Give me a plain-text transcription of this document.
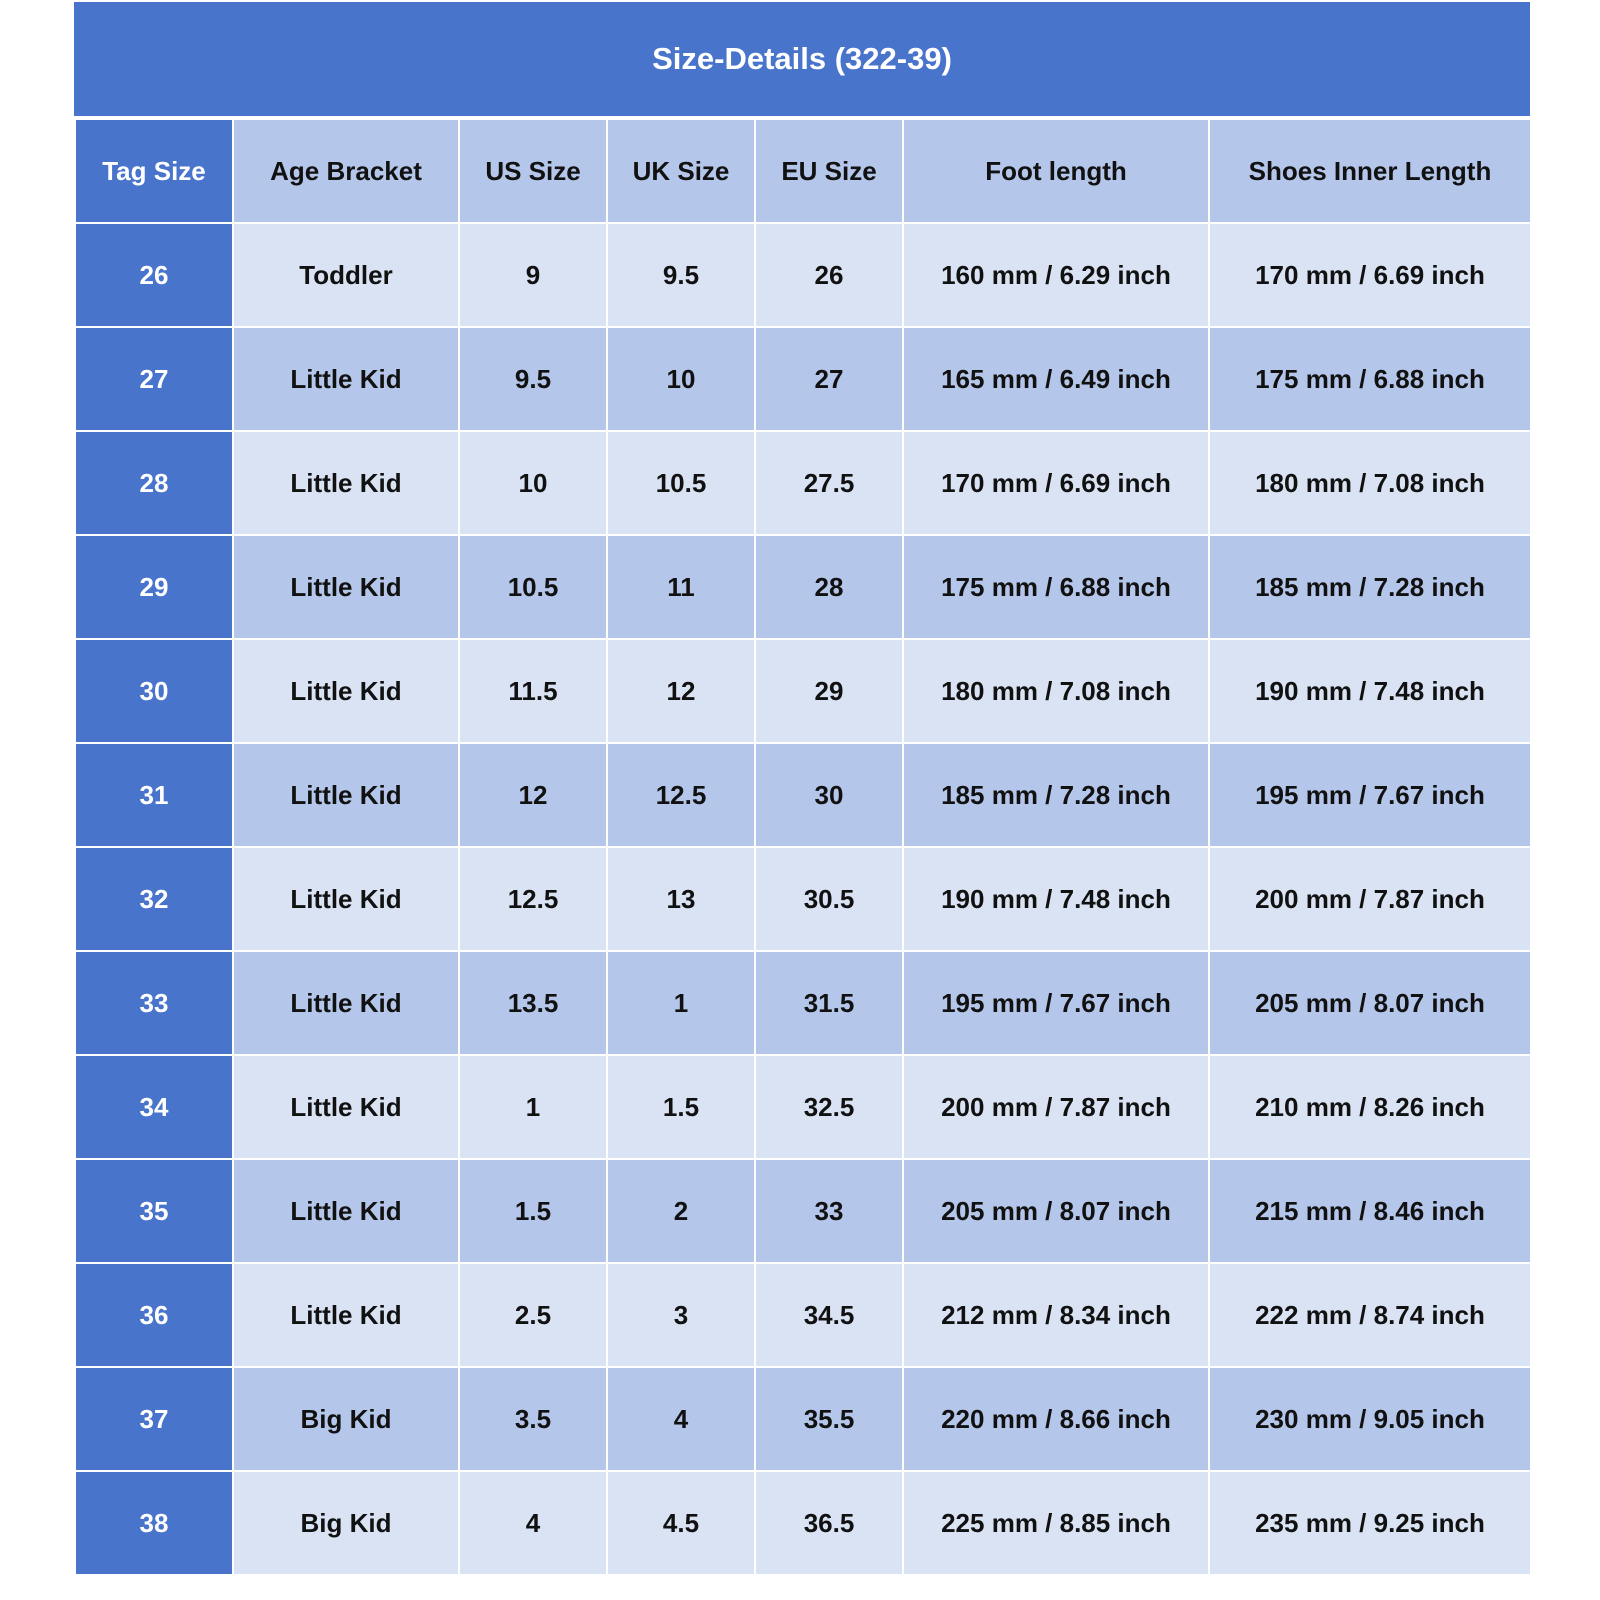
Size-Details (322-39)
Tag Size	Age Bracket	US Size	UK Size	EU Size	Foot length	Shoes Inner Length
26	Toddler	9	9.5	26	160 mm / 6.29 inch	170 mm / 6.69 inch
27	Little Kid	9.5	10	27	165 mm / 6.49 inch	175 mm / 6.88 inch
28	Little Kid	10	10.5	27.5	170 mm / 6.69 inch	180 mm / 7.08 inch
29	Little Kid	10.5	11	28	175 mm / 6.88 inch	185 mm / 7.28 inch
30	Little Kid	11.5	12	29	180 mm / 7.08 inch	190 mm / 7.48 inch
31	Little Kid	12	12.5	30	185 mm / 7.28 inch	195 mm / 7.67 inch
32	Little Kid	12.5	13	30.5	190 mm / 7.48 inch	200 mm / 7.87 inch
33	Little Kid	13.5	1	31.5	195 mm / 7.67 inch	205 mm / 8.07 inch
34	Little Kid	1	1.5	32.5	200 mm / 7.87 inch	210 mm / 8.26 inch
35	Little Kid	1.5	2	33	205 mm / 8.07 inch	215 mm / 8.46 inch
36	Little Kid	2.5	3	34.5	212 mm / 8.34 inch	222 mm / 8.74 inch
37	Big Kid	3.5	4	35.5	220 mm / 8.66 inch	230 mm / 9.05 inch
38	Big Kid	4	4.5	36.5	225 mm / 8.85 inch	235 mm / 9.25 inch
